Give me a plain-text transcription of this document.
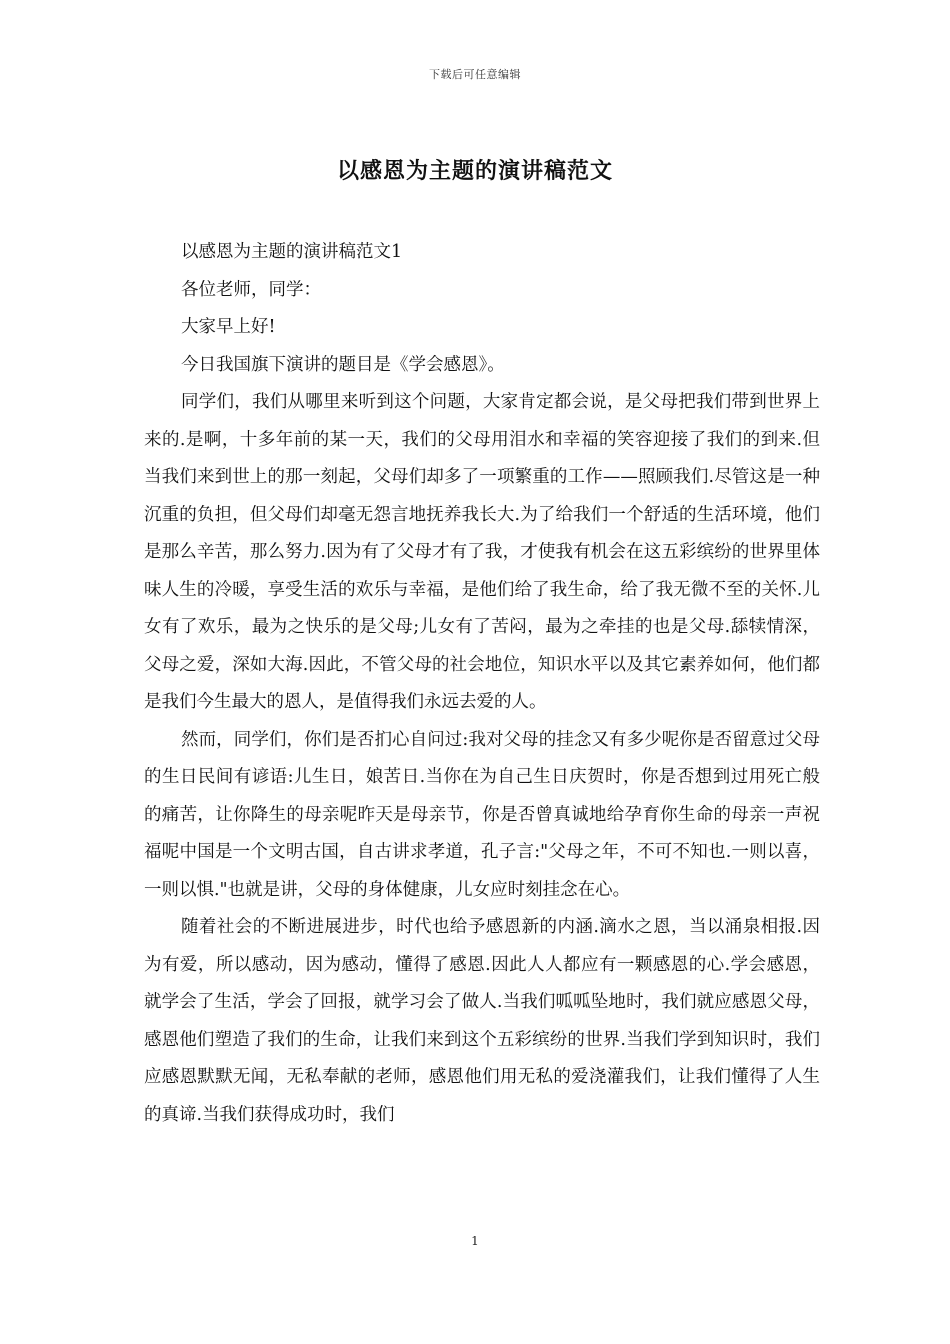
下载后可任意编辑
以感恩为主题的演讲稿范文

以感恩为主题的演讲稿范文1

各位老师，同学：

大家早上好!

今日我国旗下演讲的题目是《学会感恩》。

同学们，我们从哪里来听到这个问题，大家肯定都会说，是父母把我们带到世界上来的.是啊，十多年前的某一天，我们的父母用泪水和幸福的笑容迎接了我们的到来.但当我们来到世上的那一刻起，父母们却多了一项繁重的工作——照顾我们.尽管这是一种沉重的负担，但父母们却毫无怨言地抚养我长大.为了给我们一个舒适的生活环境，他们是那么辛苦，那么努力.因为有了父母才有了我，才使我有机会在这五彩缤纷的世界里体味人生的冷暖，享受生活的欢乐与幸福，是他们给了我生命，给了我无微不至的关怀.儿女有了欢乐，最为之快乐的是父母;儿女有了苦闷，最为之牵挂的也是父母.舔犊情深，父母之爱，深如大海.因此，不管父母的社会地位，知识水平以及其它素养如何，他们都是我们今生最大的恩人，是值得我们永远去爱的人。

然而，同学们，你们是否扪心自问过:我对父母的挂念又有多少呢你是否留意过父母的生日民间有谚语:儿生日，娘苦日.当你在为自己生日庆贺时，你是否想到过用死亡般的痛苦，让你降生的母亲呢昨天是母亲节，你是否曾真诚地给孕育你生命的母亲一声祝福呢中国是一个文明古国，自古讲求孝道，孔子言:"父母之年，不可不知也.一则以喜，一则以惧."也就是讲，父母的身体健康，儿女应时刻挂念在心。

随着社会的不断进展进步，时代也给予感恩新的内涵.滴水之恩，当以涌泉相报.因为有爱，所以感动，因为感动，懂得了感恩.因此人人都应有一颗感恩的心.学会感恩，就学会了生活，学会了回报，就学习会了做人.当我们呱呱坠地时，我们就应感恩父母，感恩他们塑造了我们的生命，让我们来到这个五彩缤纷的世界.当我们学到知识时，我们应感恩默默无闻，无私奉献的老师，感恩他们用无私的爱浇灌我们，让我们懂得了人生的真谛.当我们获得成功时，我们

1
